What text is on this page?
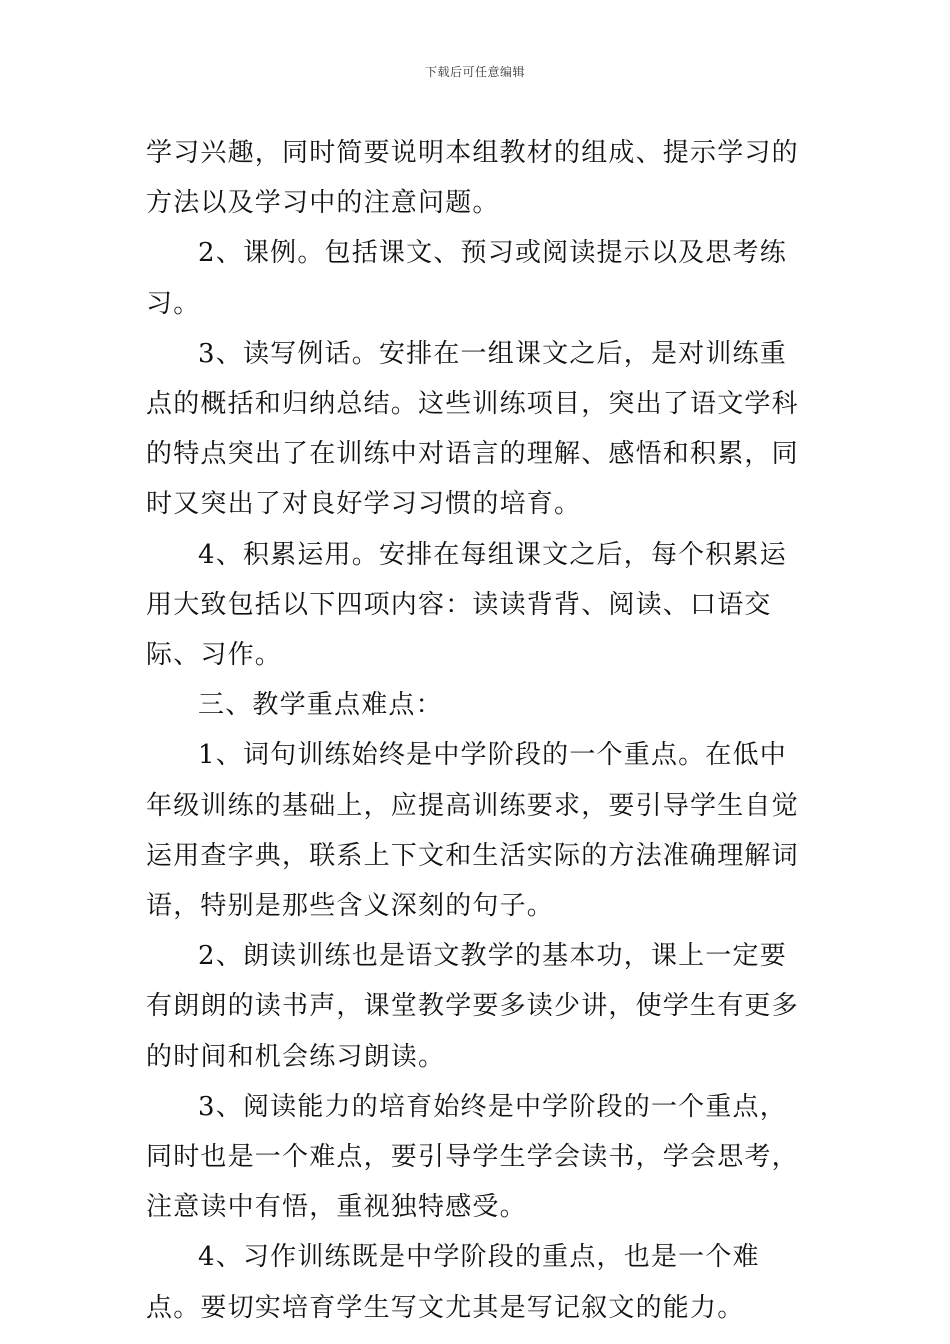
下载后可任意编辑

学习兴趣，同时简要说明本组教材的组成、提示学习的方法以及学习中的注意问题。

2、课例。包括课文、预习或阅读提示以及思考练习。

3、读写例话。安排在一组课文之后，是对训练重点的概括和归纳总结。这些训练项目，突出了语文学科的特点突出了在训练中对语言的理解、感悟和积累，同时又突出了对良好学习习惯的培育。

4、积累运用。安排在每组课文之后，每个积累运用大致包括以下四项内容：读读背背、阅读、口语交际、习作。

三、教学重点难点：

1、词句训练始终是中学阶段的一个重点。在低中年级训练的基础上，应提高训练要求，要引导学生自觉运用查字典，联系上下文和生活实际的方法准确理解词语，特别是那些含义深刻的句子。

2、朗读训练也是语文教学的基本功，课上一定要有朗朗的读书声，课堂教学要多读少讲，使学生有更多的时间和机会练习朗读。

3、阅读能力的培育始终是中学阶段的一个重点，同时也是一个难点，要引导学生学会读书，学会思考，注意读中有悟，重视独特感受。

4、习作训练既是中学阶段的重点，也是一个难点。要切实培育学生写文尤其是写记叙文的能力。
